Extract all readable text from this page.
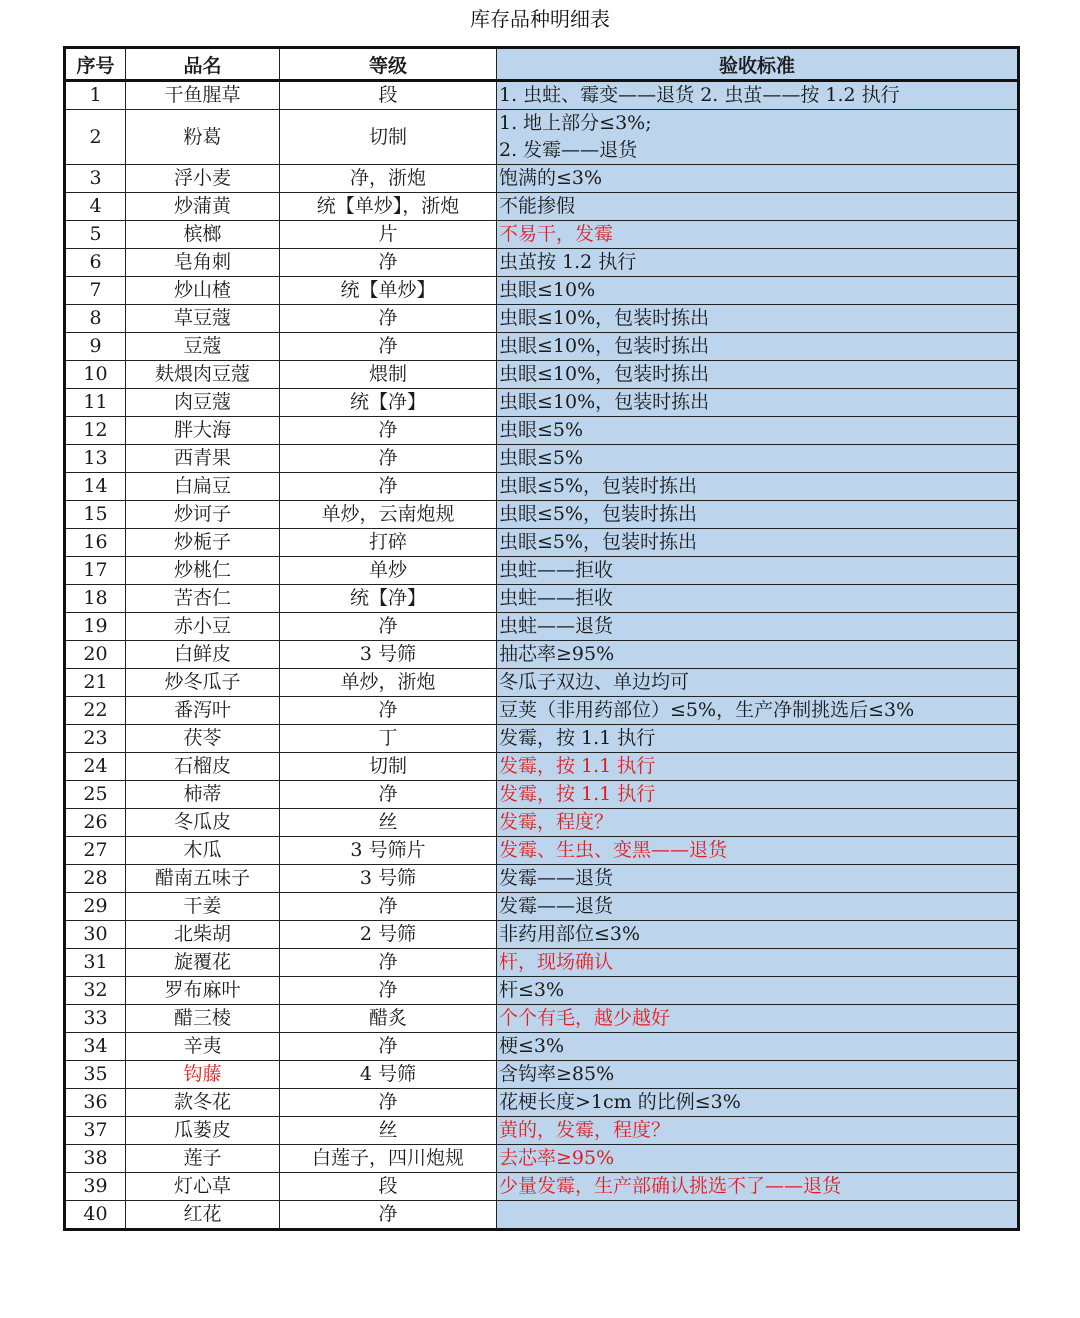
库存品种明细表
序号	品名	等级	验收标准
1	干鱼腥草	段	1. 虫蛀、霉变——退货 2. 虫茧——按 1.2 执行

2	粉葛	切制	1. 地上部分≤3%;
2. 发霉——退货

3	浮小麦	净，浙炮	饱满的≤3%

4	炒蒲黄	统【单炒】，浙炮	不能掺假

5	槟榔	片	不易干，发霉

6	皂角刺	净	虫茧按 1.2 执行

7	炒山楂	统【单炒】	虫眼≤10%

8	草豆蔻	净	虫眼≤10%，包装时拣出

9	豆蔻	净	虫眼≤10%，包装时拣出

10	麸煨肉豆蔻	煨制	虫眼≤10%，包装时拣出

11	肉豆蔻	统【净】	虫眼≤10%，包装时拣出

12	胖大海	净	虫眼≤5%

13	西青果	净	虫眼≤5%

14	白扁豆	净	虫眼≤5%，包装时拣出

15	炒诃子	单炒，云南炮规	虫眼≤5%，包装时拣出

16	炒栀子	打碎	虫眼≤5%，包装时拣出

17	炒桃仁	单炒	虫蛀——拒收

18	苦杏仁	统【净】	虫蛀——拒收

19	赤小豆	净	虫蛀——退货

20	白鲜皮	3 号筛	抽芯率≥95%

21	炒冬瓜子	单炒，浙炮	冬瓜子双边、单边均可

22	番泻叶	净	豆荚（非用药部位）≤5%，生产净制挑选后≤3%

23	茯苓	丁	发霉，按 1.1 执行

24	石榴皮	切制	发霉，按 1.1 执行

25	柿蒂	净	发霉，按 1.1 执行

26	冬瓜皮	丝	发霉，程度？

27	木瓜	3 号筛片	发霉、生虫、变黑——退货

28	醋南五味子	3 号筛	发霉——退货

29	干姜	净	发霉——退货

30	北柴胡	2 号筛	非药用部位≤3%

31	旋覆花	净	杆，现场确认

32	罗布麻叶	净	杆≤3%

33	醋三棱	醋炙	个个有毛，越少越好

34	辛夷	净	梗≤3%

35	钩藤	4 号筛	含钩率≥85%

36	款冬花	净	花梗长度>1cm 的比例≤3%

37	瓜蒌皮	丝	黄的，发霉，程度？

38	莲子	白莲子，四川炮规	去芯率≥95%

39	灯心草	段	少量发霉，生产部确认挑选不了——退货

40	红花	净	
